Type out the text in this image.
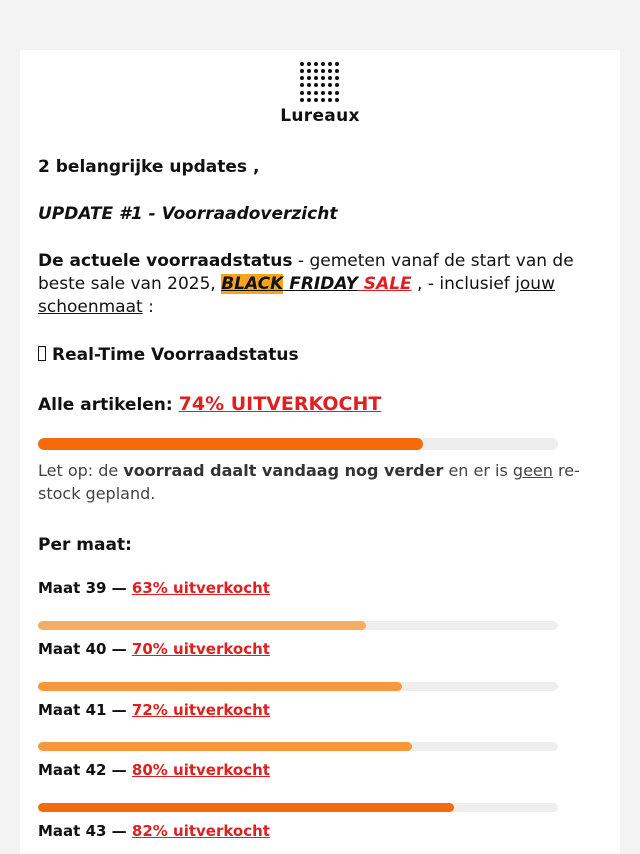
Lureaux
2 belangrijke updates ,
UPDATE #1 - Voorraadoverzicht
De actuele voorraadstatus - gemeten vanaf de start van de beste sale van 2025, BLACK FRIDAY SALE , - inclusief jouw schoenmaat :
Real-Time Voorraadstatus
Alle artikelen: 74% UITVERKOCHT
Let op: de voorraad daalt vandaag nog verder en er is geen re-stock gepland.
Per maat:
Maat 39 — 63% uitverkocht
Maat 40 — 70% uitverkocht
Maat 41 — 72% uitverkocht
Maat 42 — 80% uitverkocht
Maat 43 — 82% uitverkocht
